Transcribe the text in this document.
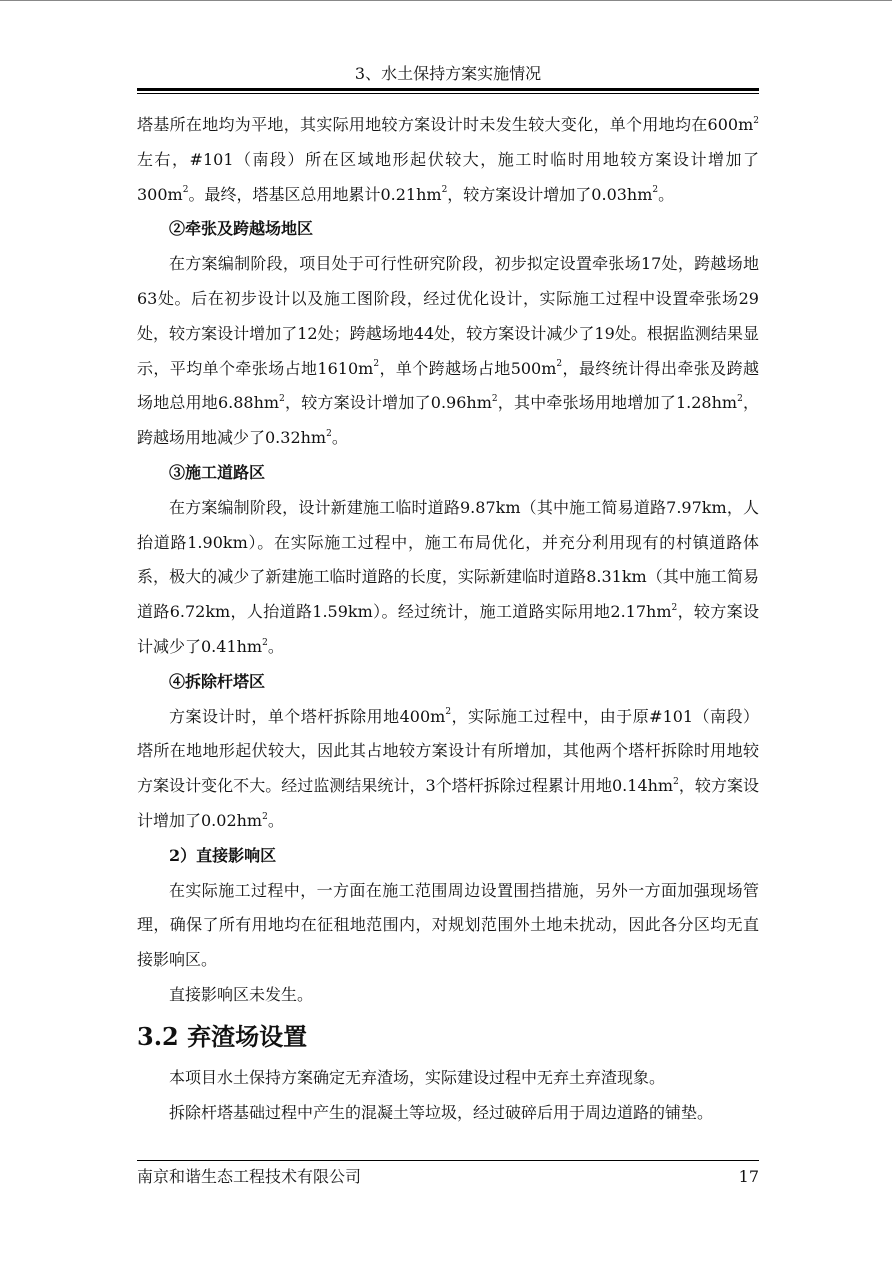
3、水土保持方案实施情况

塔基所在地均为平地，其实际用地较方案设计时未发生较大变化，单个用地均在$600m^2$左右，#101（南段）所在区域地形起伏较大，施工时临时用地较方案设计增加了$300m^2$。最终，塔基区总用地累计$0.21hm^2$，较方案设计增加了$0.03hm^2$。

②牵张及跨越场地区

在方案编制阶段，项目处于可行性研究阶段，初步拟定设置牵张场17处，跨越场地63处。后在初步设计以及施工图阶段，经过优化设计，实际施工过程中设置牵张场29处，较方案设计增加了12处；跨越场地44处，较方案设计减少了19处。根据监测结果显示，平均单个牵张场占地$1610m^2$，单个跨越场占地$500m^2$，最终统计得出牵张及跨越场地总用地$6.88hm^2$，较方案设计增加了$0.96hm^2$，其中牵张场用地增加了$1.28hm^2$，跨越场用地减少了$0.32hm^2$。

③施工道路区

在方案编制阶段，设计新建施工临时道路9.87km（其中施工简易道路7.97km，人抬道路1.90km）。在实际施工过程中，施工布局优化，并充分利用现有的村镇道路体系，极大的减少了新建施工临时道路的长度，实际新建临时道路8.31km（其中施工简易道路6.72km，人抬道路1.59km）。经过统计，施工道路实际用地$2.17hm^2$，较方案设计减少了$0.41hm^2$。

④拆除杆塔区

方案设计时，单个塔杆拆除用地$400m^2$，实际施工过程中，由于原#101（南段）塔所在地地形起伏较大，因此其占地较方案设计有所增加，其他两个塔杆拆除时用地较方案设计变化不大。经过监测结果统计，3个塔杆拆除过程累计用地$0.14hm^2$，较方案设计增加了$0.02hm^2$。

2）直接影响区

在实际施工过程中，一方面在施工范围周边设置围挡措施，另外一方面加强现场管理，确保了所有用地均在征租地范围内，对规划范围外土地未扰动，因此各分区均无直接影响区。

直接影响区未发生。

3.2 弃渣场设置

本项目水土保持方案确定无弃渣场，实际建设过程中无弃土弃渣现象。

拆除杆塔基础过程中产生的混凝土等垃圾，经过破碎后用于周边道路的铺垫。

南京和谐生态工程技术有限公司	17
